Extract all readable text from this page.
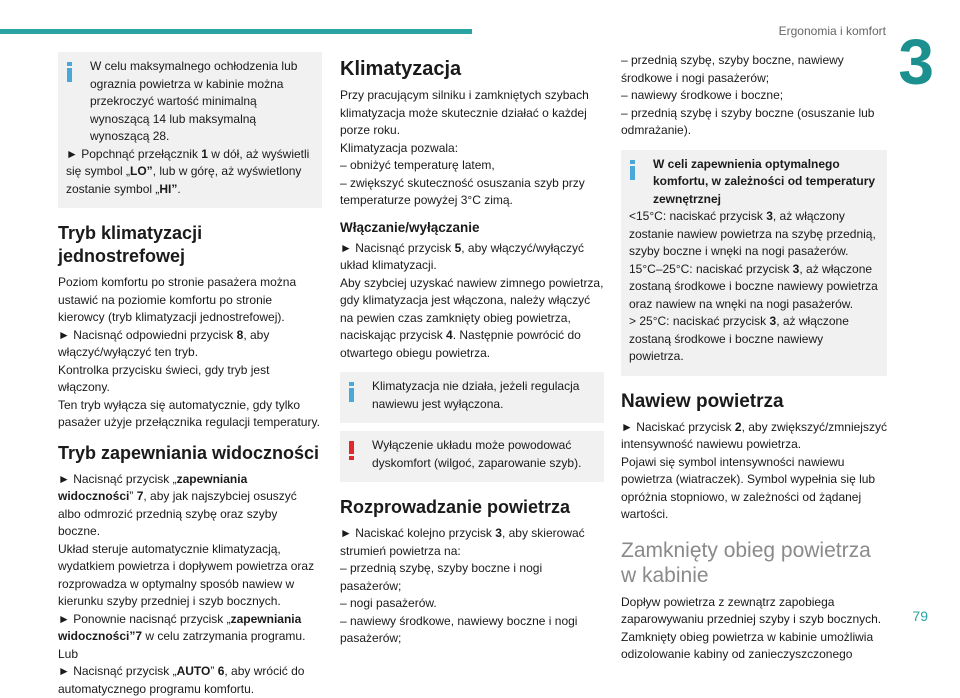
Ergonomia i komfort 3
79

W celu maksymalnego ochłodzenia lub

ograznia powietrza w kabinie można przekroczyć wartość minimalną wynoszącą 14 lub maksymalną wynoszącą 28.

► Popchnąć przełącznik 1 w dół, aż wyświetli się symbol „LO”, lub w górę, aż wyświetlony zostanie symbol „HI”.

Tryb klimatyzacji jednostrefowej

Poziom komfortu po stronie pasażera można ustawić na poziomie komfortu po stronie kierowcy (tryb klimatyzacji jednostrefowej).

► Nacisnąć odpowiedni przycisk 8, aby włączyć/wyłączyć ten tryb.

Kontrolka przycisku świeci, gdy tryb jest włączony.

Ten tryb wyłącza się automatycznie, gdy tylko pasażer użyje przełącznika regulacji temperatury.

Tryb zapewniania widoczności

► Nacisnąć przycisk „zapewniania widoczności” 7, aby jak najszybciej osuszyć albo odmrozić przednią szybę oraz szyby boczne.

Układ steruje automatycznie klimatyzacją, wydatkiem powietrza i dopływem powietrza oraz rozprowadza w optymalny sposób nawiew w kierunku szyby przedniej i szyb bocznych.

► Ponownie nacisnąć przycisk „zapewniania widoczności”7 w celu zatrzymania programu.

Lub

► Nacisnąć przycisk „AUTO” 6, aby wrócić do automatycznego programu komfortu.

Klimatyzacja

Przy pracującym silniku i zamkniętych szybach klimatyzacja może skutecznie działać o każdej porze roku.

Klimatyzacja pozwala:

– obniżyć temperaturę latem,

– zwiększyć skuteczność osuszania szyb przy temperaturze powyżej 3°C zimą.

Włączanie/wyłączanie

► Nacisnąć przycisk 5, aby włączyć/wyłączyć układ klimatyzacji.

Aby szybciej uzyskać nawiew zimnego powietrza, gdy klimatyzacja jest włączona, należy włączyć na pewien czas zamknięty obieg powietrza, naciskając przycisk 4. Następnie powrócić do otwartego obiegu powietrza.

Klimatyzacja nie działa, jeżeli regulacja nawiewu jest wyłączona.

Wyłączenie układu może powodować dyskomfort (wilgoć, zaparowanie szyb).

Rozprowadzanie powietrza

► Naciskać kolejno przycisk 3, aby skierować strumień powietrza na:

– przednią szybę, szyby boczne i nogi pasażerów;

– nogi pasażerów.

– nawiewy środkowe, nawiewy boczne i nogi pasażerów;

– przednią szybę, szyby boczne, nawiewy środkowe i nogi pasażerów;

– nawiewy środkowe i boczne;

– przednią szybę i szyby boczne (osuszanie lub odmrażanie).

W celi zapewnienia optymalnego

komfortu, w zależności od temperatury zewnętrznej

<15°C: naciskać przycisk 3, aż włączony zostanie nawiew powietrza na szybę przednią, szyby boczne i wnęki na nogi pasażerów.

15°C–25°C: naciskać przycisk 3, aż włączone zostaną środkowe i boczne nawiewy powietrza oraz nawiew na wnęki na nogi pasażerów.

> 25°C: naciskać przycisk 3, aż włączone zostaną środkowe i boczne nawiewy powietrza.

Nawiew powietrza

► Naciskać przycisk 2, aby zwiększyć/zmniejszyć intensywność nawiewu powietrza.

Pojawi się symbol intensywności nawiewu powietrza (wiatraczek). Symbol wypełnia się lub opróżnia stopniowo, w zależności od żądanej wartości.

Zamknięty obieg powietrza w kabinie

Dopływ powietrza z zewnątrz zapobiega zaparowywaniu przedniej szyby i szyb bocznych.

Zamknięty obieg powietrza w kabinie umożliwia odizolowanie kabiny od zanieczyszczonego
